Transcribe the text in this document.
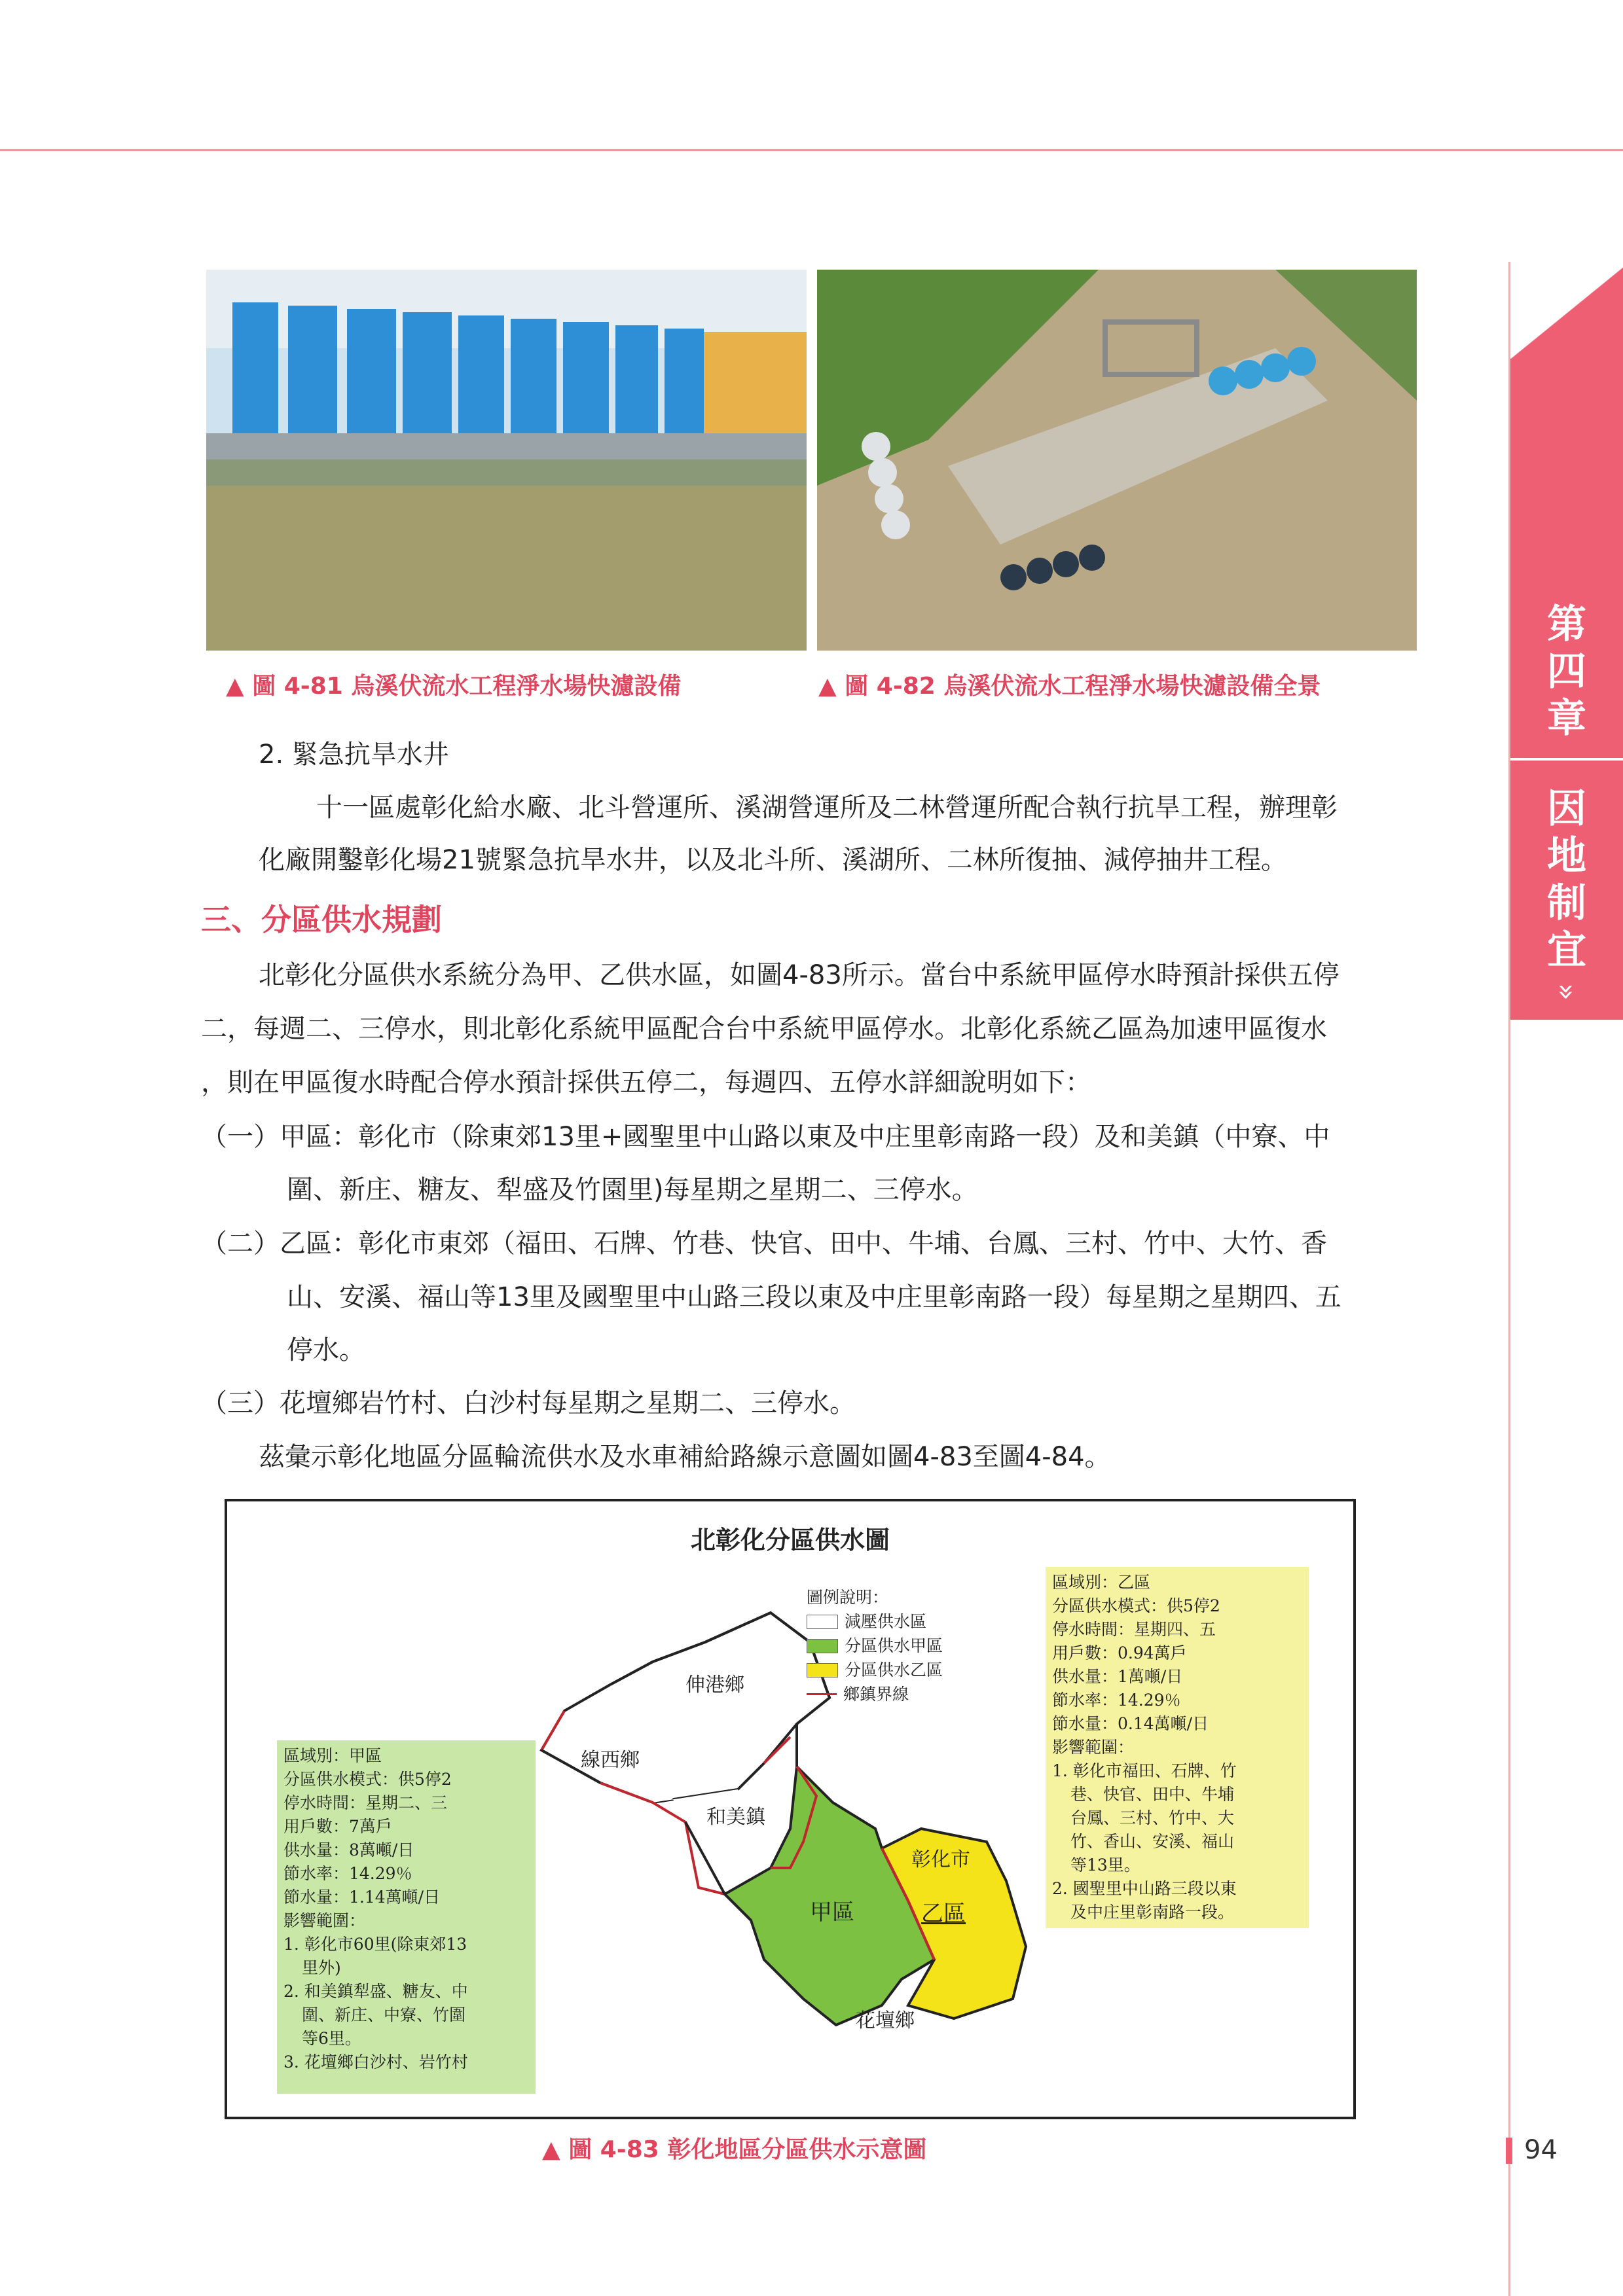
第
四
章
因
地
制
宜
»
▲ 圖 4-81 烏溪伏流水工程淨水場快濾設備	▲ 圖 4-82 烏溪伏流水工程淨水場快濾設備全景
2. 緊急抗旱水井
十一區處彰化給水廠、北斗營運所、溪湖營運所及二林營運所配合執行抗旱工程，辦理彰
化廠開鑿彰化場21號緊急抗旱水井，以及北斗所、溪湖所、二林所復抽、減停抽井工程。
三、分區供水規劃
北彰化分區供水系統分為甲、乙供水區，如圖4-83所示。當台中系統甲區停水時預計採供五停
二，每週二、三停水，則北彰化系統甲區配合台中系統甲區停水。北彰化系統乙區為加速甲區復水
，則在甲區復水時配合停水預計採供五停二，每週四、五停水詳細說明如下：
（一）甲區：彰化市（除東郊13里+國聖里中山路以東及中庄里彰南路一段）及和美鎮（中寮、中
圍、新庄、糖友、犁盛及竹園里)每星期之星期二、三停水。
（二）乙區：彰化市東郊（福田、石牌、竹巷、快官、田中、牛埔、台鳳、三村、竹中、大竹、香
山、安溪、福山等13里及國聖里中山路三段以東及中庄里彰南路一段）每星期之星期四、五
停水。
（三）花壇鄉岩竹村、白沙村每星期之星期二、三停水。
茲彙示彰化地區分區輪流供水及水車補給路線示意圖如圖4-83至圖4-84。
北彰化分區供水圖
圖例說明：
減壓供水區
分區供水甲區
分區供水乙區
鄉鎮界線
伸港鄉
線西鄉
和美鎮
彰化市
甲區	乙區
花壇鄉
區域別：甲區
分區供水模式：供5停2
停水時間：星期二、三
用戶數：7萬戶
供水量：8萬噸/日
節水率：14.29％
節水量：1.14萬噸/日
影響範圍：
1. 彰化市60里(除東郊13
里外)
2. 和美鎮犁盛、糖友、中
圍、新庄、中寮、竹圍
等6里。
3. 花壇鄉白沙村、岩竹村
區域別：乙區
分區供水模式：供5停2
停水時間：星期四、五
用戶數：0.94萬戶
供水量：1萬噸/日
節水率：14.29％
節水量：0.14萬噸/日
影響範圍：
1. 彰化市福田、石牌、竹
巷、快官、田中、牛埔
台鳳、三村、竹中、大
竹、香山、安溪、福山
等13里。
2. 國聖里中山路三段以東
及中庄里彰南路一段。
▲ 圖 4-83 彰化地區分區供水示意圖	94
